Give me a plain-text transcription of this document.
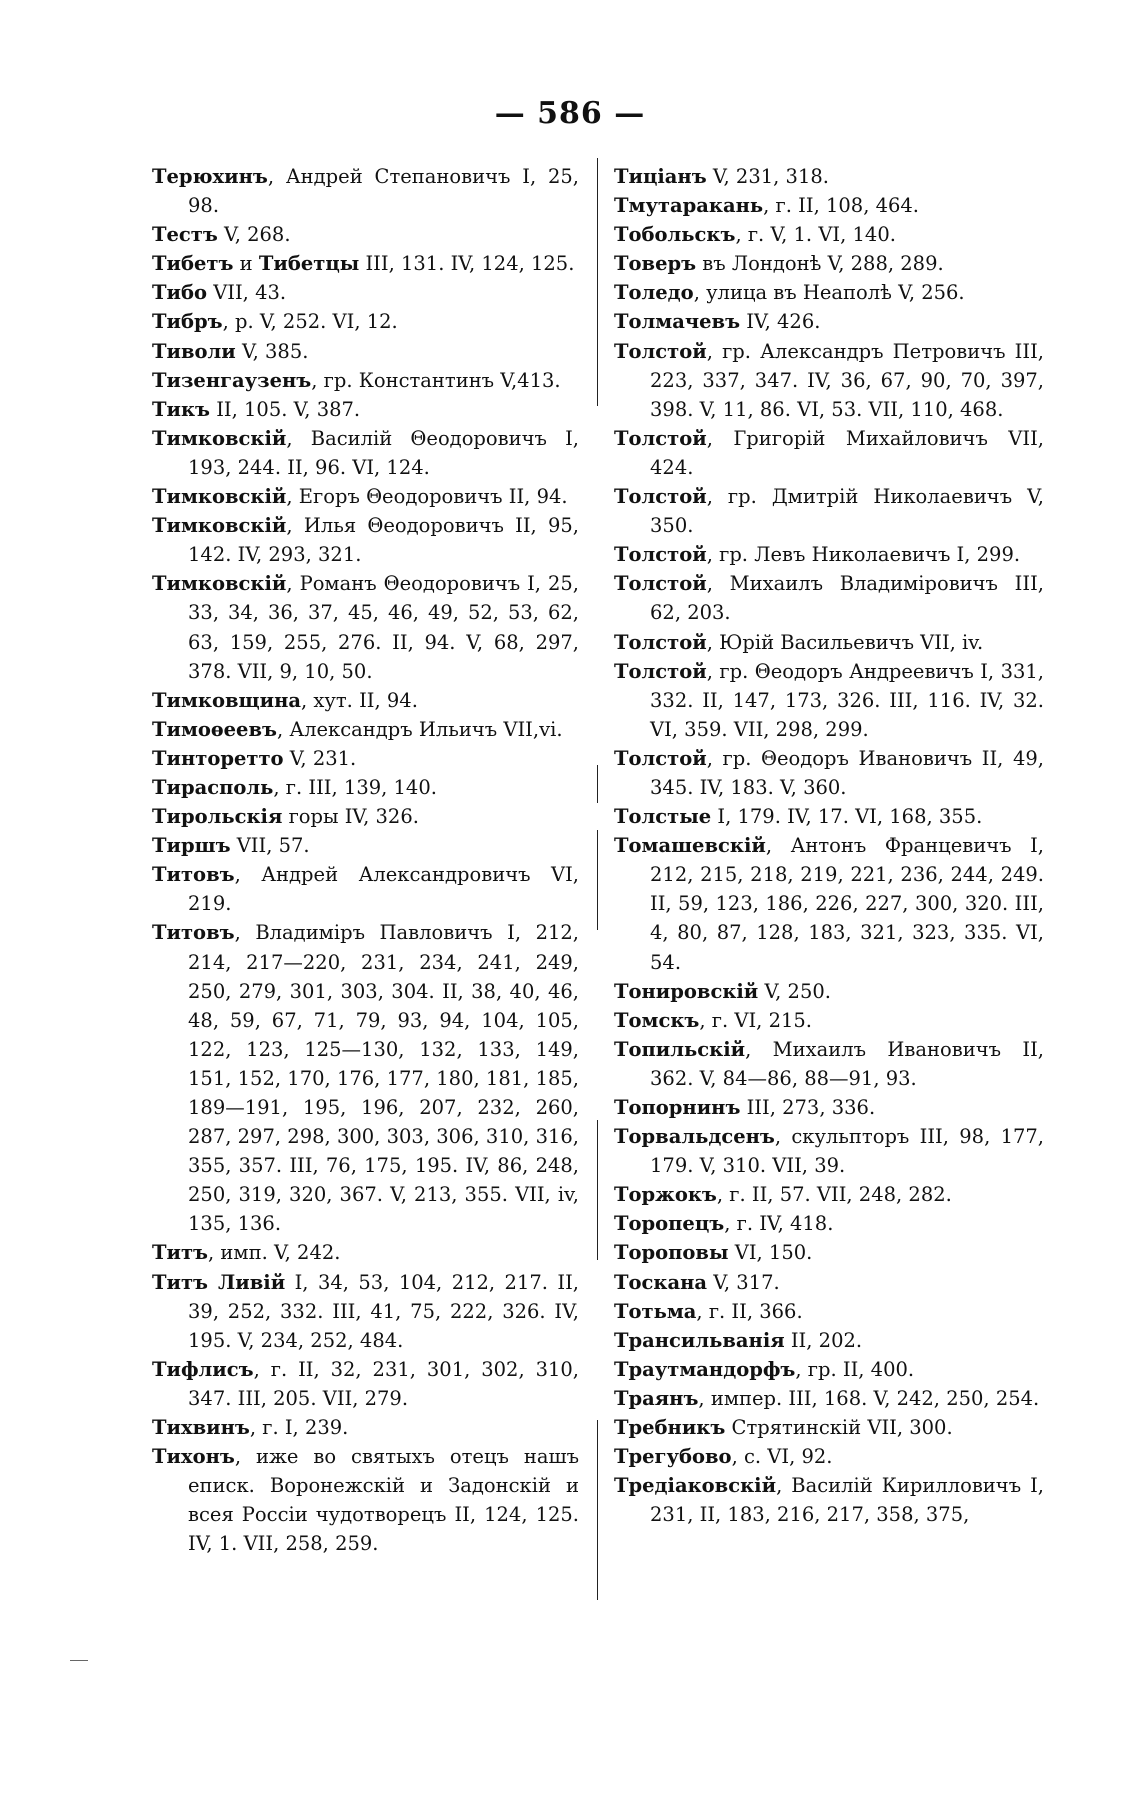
— 586 —

Терюхинъ, Андрей Степановичъ I, 25, 98.

Тестъ V, 268.

Тибетъ и Тибетцы III, 131. IV, 124, 125.

Тибо VII, 43.

Тибръ, р. V, 252. VI, 12.

Тиволи V, 385.

Тизенгаузенъ, гр. Константинъ V,413.

Тикъ II, 105. V, 387.

Тимковскій, Василій Θеодоровичъ I, 193, 244. II, 96. VI, 124.

Тимковскій, Егоръ Θеодоровичъ II, 94.

Тимковскій, Илья Θеодоровичъ II, 95, 142. IV, 293, 321.

Тимковскій, Романъ Θеодоровичъ I, 25, 33, 34, 36, 37, 45, 46, 49, 52, 53, 62, 63, 159, 255, 276. II, 94. V, 68, 297, 378. VII, 9, 10, 50.

Тимковщина, хут. II, 94.

Тимоѳеевъ, Александръ Ильичъ VII,vi.

Тинторетто V, 231.

Тирасполь, г. III, 139, 140.

Тирольскія горы IV, 326.

Тиршъ VII, 57.

Титовъ, Андрей Александровичъ VI, 219.

Титовъ, Владиміръ Павловичъ I, 212, 214, 217—220, 231, 234, 241, 249, 250, 279, 301, 303, 304. II, 38, 40, 46, 48, 59, 67, 71, 79, 93, 94, 104, 105, 122, 123, 125—130, 132, 133, 149, 151, 152, 170, 176, 177, 180, 181, 185, 189—191, 195, 196, 207, 232, 260, 287, 297, 298, 300, 303, 306, 310, 316, 355, 357. III, 76, 175, 195. IV, 86, 248, 250, 319, 320, 367. V, 213, 355. VII, iv, 135, 136.

Титъ, имп. V, 242.

Титъ Ливій I, 34, 53, 104, 212, 217. II, 39, 252, 332. III, 41, 75, 222, 326. IV, 195. V, 234, 252, 484.

Тифлисъ, г. II, 32, 231, 301, 302, 310, 347. III, 205. VII, 279.

Тихвинъ, г. I, 239.

Тихонъ, иже во святыхъ отецъ нашъ еписк. Воронежскій и Задонскій и всея Россіи чудотворецъ II, 124, 125. IV, 1. VII, 258, 259.

Тиціанъ V, 231, 318.

Тмутаракань, г. II, 108, 464.

Тобольскъ, г. V, 1. VI, 140.

Товеръ въ Лондонѣ V, 288, 289.

Толедо, улица въ Неаполѣ V, 256.

Толмачевъ IV, 426.

Толстой, гр. Александръ Петровичъ III, 223, 337, 347. IV, 36, 67, 90, 70, 397, 398. V, 11, 86. VI, 53. VII, 110, 468.

Толстой, Григорій Михайловичъ VII, 424.

Толстой, гр. Дмитрій Николаевичъ V, 350.

Толстой, гр. Левъ Николаевичъ I, 299.

Толстой, Михаилъ Владиміровичъ III, 62, 203.

Толстой, Юрій Васильевичъ VII, iv.

Толстой, гр. Θеодоръ Андреевичъ I, 331, 332. II, 147, 173, 326. III, 116. IV, 32. VI, 359. VII, 298, 299.

Толстой, гр. Θеодоръ Ивановичъ II, 49, 345. IV, 183. V, 360.

Толстые I, 179. IV, 17. VI, 168, 355.

Томашевскій, Антонъ Францевичъ I, 212, 215, 218, 219, 221, 236, 244, 249. II, 59, 123, 186, 226, 227, 300, 320. III, 4, 80, 87, 128, 183, 321, 323, 335. VI, 54.

Тонировскій V, 250.

Томскъ, г. VI, 215.

Топильскій, Михаилъ Ивановичъ II, 362. V, 84—86, 88—91, 93.

Топорнинъ III, 273, 336.

Торвальдсенъ, скульпторъ III, 98, 177, 179. V, 310. VII, 39.

Торжокъ, г. II, 57. VII, 248, 282.

Торопецъ, г. IV, 418.

Тороповы VI, 150.

Тоскана V, 317.

Тотьма, г. II, 366.

Трансильванія II, 202.

Траутмандорфъ, гр. II, 400.

Траянъ, импер. III, 168. V, 242, 250, 254.

Требникъ Стрятинскій VII, 300.

Трегубово, с. VI, 92.

Тредіаковскій, Василій Кирилловичъ I, 231, II, 183, 216, 217, 358, 375,
